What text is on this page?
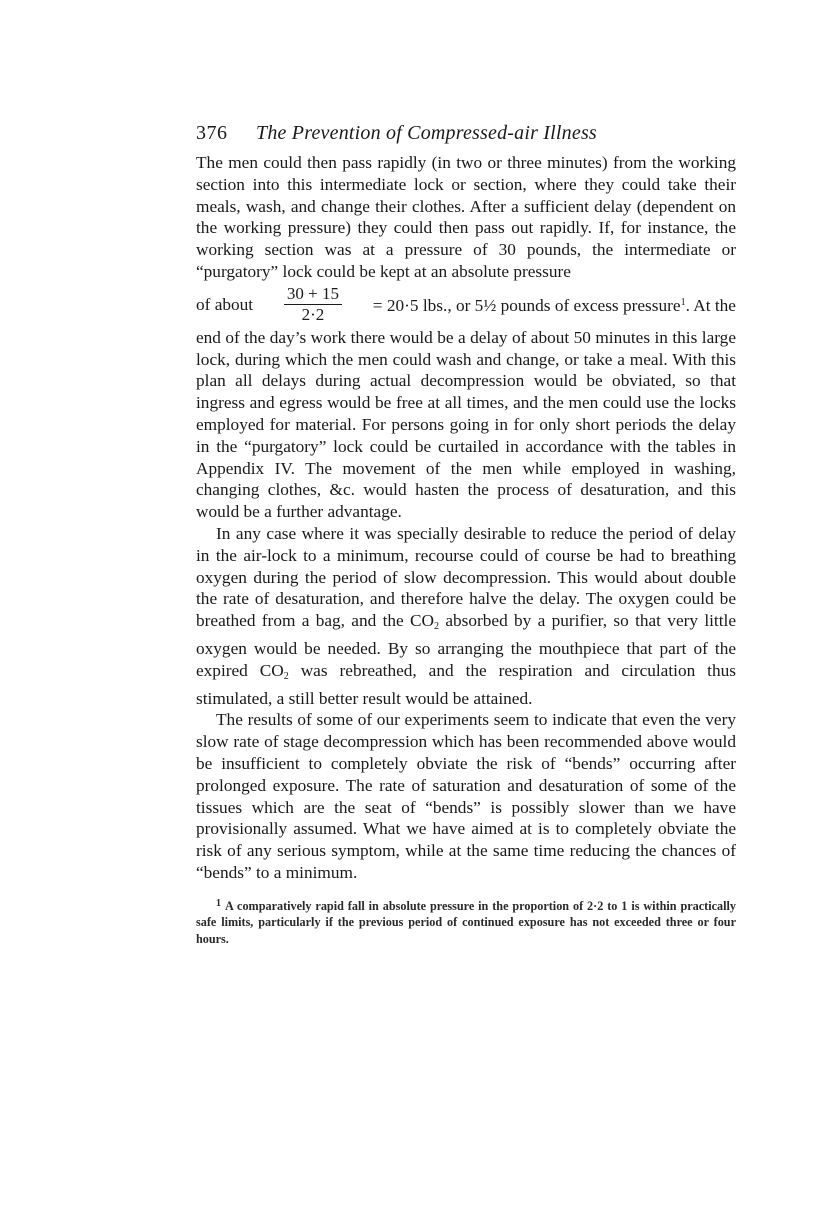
376 The Prevention of Compressed-air Illness

The men could then pass rapidly (in two or three minutes) from the working section into this intermediate lock or section, where they could take their meals, wash, and change their clothes. After a sufficient delay (dependent on the working pressure) they could then pass out rapidly. If, for instance, the working section was at a pressure of 30 pounds, the intermediate or “purgatory” lock could be kept at an absolute pressure

of about $\frac{30 + 15}{2\cdot 2} = 20\cdot 5$ lbs., or 5½ pounds of excess pressure$^1$. At the

end of the day’s work there would be a delay of about 50 minutes in this large lock, during which the men could wash and change, or take a meal. With this plan all delays during actual decompression would be obviated, so that ingress and egress would be free at all times, and the men could use the locks employed for material. For persons going in for only short periods the delay in the “purgatory” lock could be curtailed in accordance with the tables in Appendix IV. The movement of the men while employed in washing, changing clothes, &c. would hasten the process of desaturation, and this would be a further advantage.

In any case where it was specially desirable to reduce the period of delay in the air-lock to a minimum, recourse could of course be had to breathing oxygen during the period of slow decompression. This would about double the rate of desaturation, and therefore halve the delay. The oxygen could be breathed from a bag, and the $CO_2$ absorbed by a purifier, so that very little oxygen would be needed. By so arranging the mouthpiece that part of the expired $CO_2$ was rebreathed, and the respiration and circulation thus stimulated, a still better result would be attained.

The results of some of our experiments seem to indicate that even the very slow rate of stage decompression which has been recommended above would be insufficient to completely obviate the risk of “bends” occurring after prolonged exposure. The rate of saturation and desaturation of some of the tissues which are the seat of “bends” is possibly slower than we have provisionally assumed. What we have aimed at is to completely obviate the risk of any serious symptom, while at the same time reducing the chances of “bends” to a minimum.

$^1$ A comparatively rapid fall in absolute pressure in the proportion of 2·2 to 1 is within practically safe limits, particularly if the previous period of continued exposure has not exceeded three or four hours.
